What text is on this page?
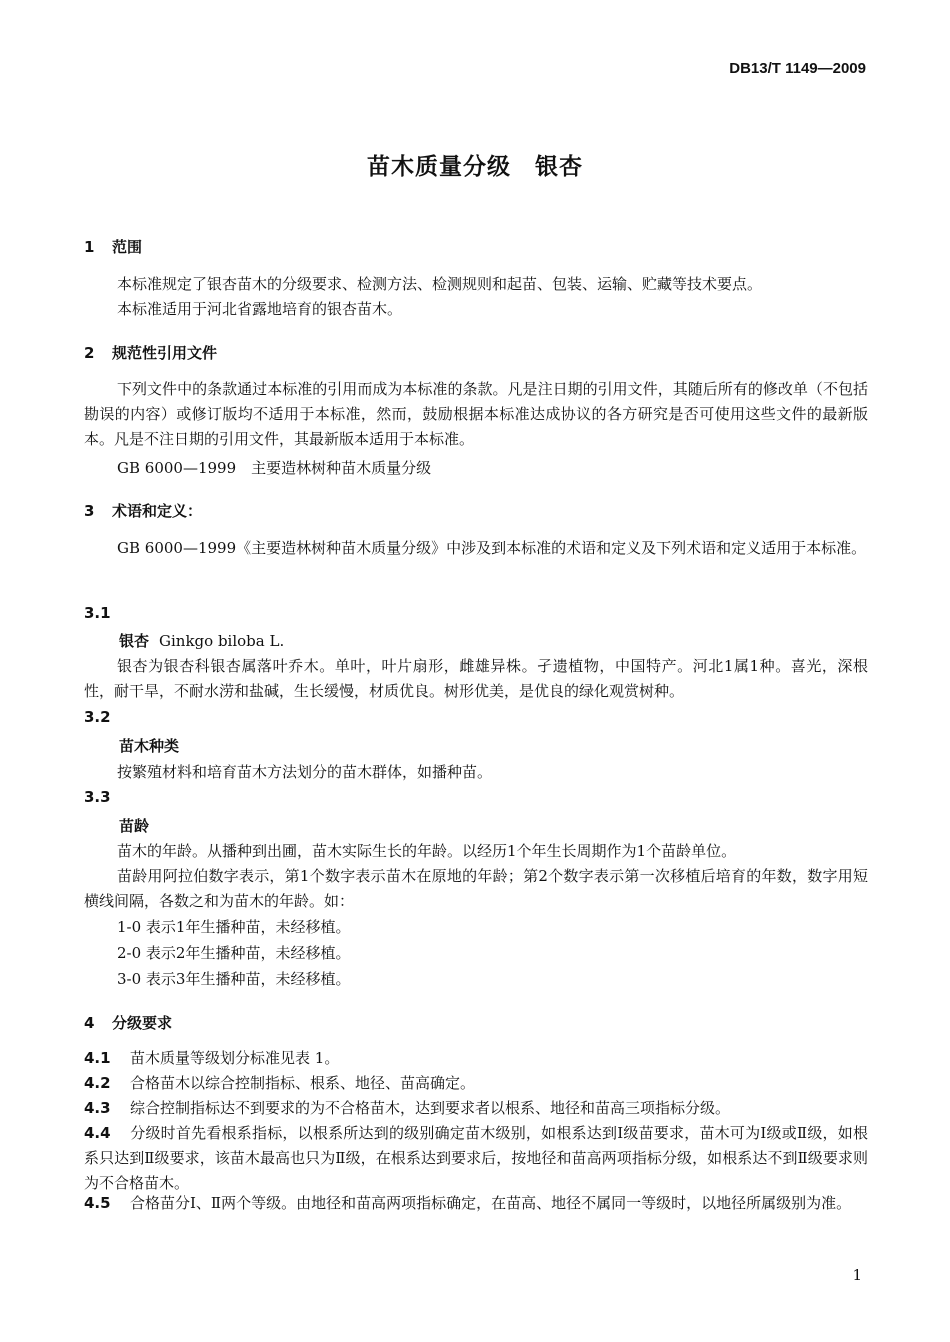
DB13/T 1149—2009
苗木质量分级　银杏
1 范围
本标准规定了银杏苗木的分级要求、检测方法、检测规则和起苗、包装、运输、贮藏等技术要点。
本标准适用于河北省露地培育的银杏苗木。
2 规范性引用文件
下列文件中的条款通过本标准的引用而成为本标准的条款。凡是注日期的引用文件，其随后所有的修改单（不包括勘误的内容）或修订版均不适用于本标准，然而，鼓励根据本标准达成协议的各方研究是否可使用这些文件的最新版本。凡是不注日期的引用文件，其最新版本适用于本标准。
GB 6000—1999　主要造林树种苗木质量分级
3 术语和定义：
GB 6000—1999《主要造林树种苗木质量分级》中涉及到本标准的术语和定义及下列术语和定义适用于本标准。
3.1
银杏 Ginkgo biloba L.
银杏为银杏科银杏属落叶乔木。单叶，叶片扇形，雌雄异株。孑遗植物，中国特产。河北1属1种。喜光，深根性，耐干旱，不耐水涝和盐碱，生长缓慢，材质优良。树形优美，是优良的绿化观赏树种。
3.2
苗木种类
按繁殖材料和培育苗木方法划分的苗木群体，如播种苗。
3.3
苗龄
苗木的年龄。从播种到出圃，苗木实际生长的年龄。以经历1个年生长周期作为1个苗龄单位。
苗龄用阿拉伯数字表示，第1个数字表示苗木在原地的年龄；第2个数字表示第一次移植后培育的年数，数字用短横线间隔，各数之和为苗木的年龄。如：
1-0 表示1年生播种苗，未经移植。
2-0 表示2年生播种苗，未经移植。
3-0 表示3年生播种苗，未经移植。
4 分级要求
4.1 苗木质量等级划分标准见表 1。
4.2 合格苗木以综合控制指标、根系、地径、苗高确定。
4.3 综合控制指标达不到要求的为不合格苗木，达到要求者以根系、地径和苗高三项指标分级。
4.4 分级时首先看根系指标，以根系所达到的级别确定苗木级别，如根系达到Ⅰ级苗要求，苗木可为Ⅰ级或Ⅱ级，如根系只达到Ⅱ级要求，该苗木最高也只为Ⅱ级，在根系达到要求后，按地径和苗高两项指标分级，如根系达不到Ⅱ级要求则为不合格苗木。
4.5 合格苗分Ⅰ、Ⅱ两个等级。由地径和苗高两项指标确定，在苗高、地径不属同一等级时，以地径所属级别为准。
1
